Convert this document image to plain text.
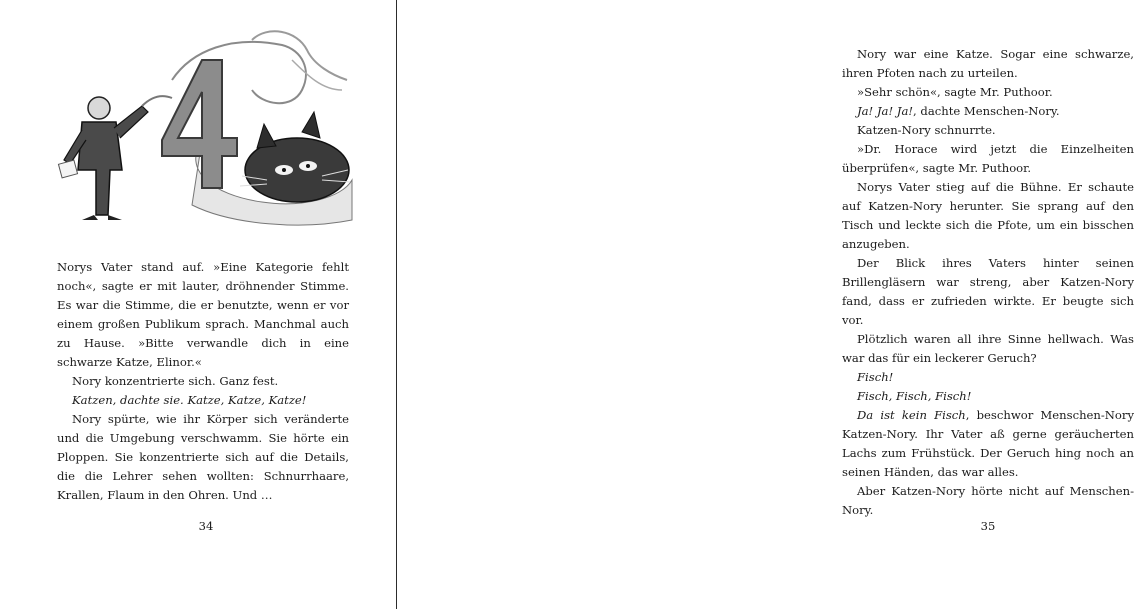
4

Norys Vater stand auf. »Eine Kategorie fehlt noch«, sagte er mit lauter, dröhnender Stimme. Es war die Stimme, die er benutzte, wenn er vor einem großen Publikum sprach. Manchmal auch zu Hause. »Bitte verwandle dich in eine schwarze Katze, Elinor.«

Nory konzentrierte sich. Ganz fest.

Katzen, dachte sie. Katze, Katze, Katze!

Nory spürte, wie ihr Körper sich veränderte und die Umgebung verschwamm. Sie hörte ein Ploppen. Sie konzentrierte sich auf die Details, die die Lehrer sehen wollten: Schnurrhaare, Krallen, Flaum in den Ohren. Und …

34

Nory war eine Katze. Sogar eine schwarze, ihren Pfoten nach zu urteilen.

»Sehr schön«, sagte Mr. Puthoor.

Ja! Ja! Ja!, dachte Menschen-Nory.

Katzen-Nory schnurrte.

»Dr. Horace wird jetzt die Einzelheiten überprüfen«, sagte Mr. Puthoor.

Norys Vater stieg auf die Bühne. Er schaute auf Katzen-Nory herunter. Sie sprang auf den Tisch und leckte sich die Pfote, um ein bisschen anzugeben.

Der Blick ihres Vaters hinter seinen Brillengläsern war streng, aber Katzen-Nory fand, dass er zufrieden wirkte. Er beugte sich vor.

Plötzlich waren all ihre Sinne hellwach. Was war das für ein leckerer Geruch?

Fisch!

Fisch, Fisch, Fisch!

Da ist kein Fisch, beschwor Menschen-Nory Katzen-Nory. Ihr Vater aß gerne geräucherten Lachs zum Frühstück. Der Geruch hing noch an seinen Händen, das war alles.

Aber Katzen-Nory hörte nicht auf Menschen-Nory.

35
